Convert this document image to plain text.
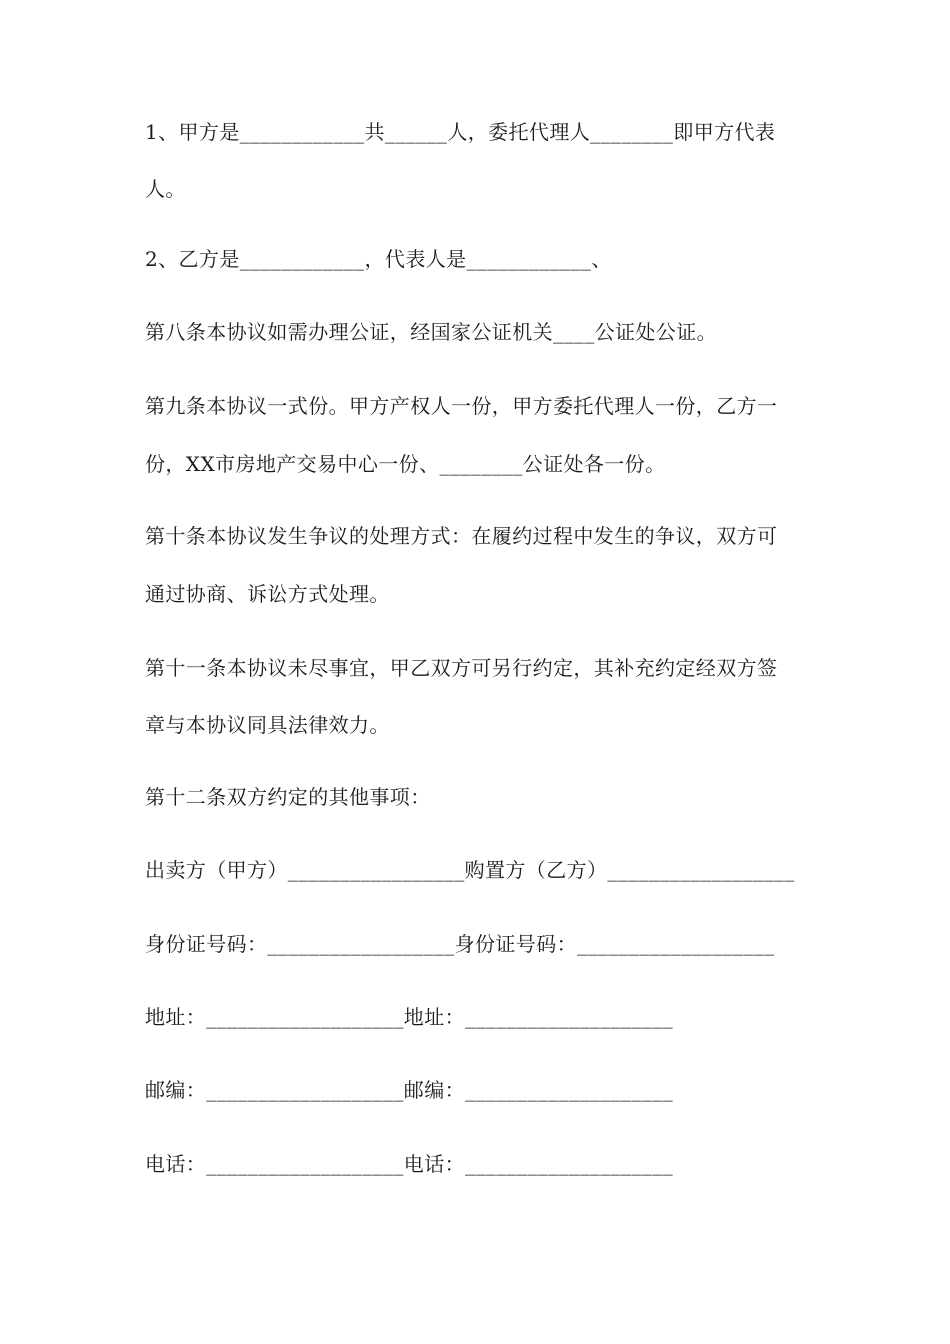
1、甲方是____________共______人，委托代理人________即甲方代表
人。
2、乙方是____________，代表人是____________、
第八条本协议如需办理公证，经国家公证机关____公证处公证。
第九条本协议一式份。甲方产权人一份，甲方委托代理人一份，乙方一
份，XX市房地产交易中心一份、________公证处各一份。
第十条本协议发生争议的处理方式：在履约过程中发生的争议，双方可
通过协商、诉讼方式处理。
第十一条本协议未尽事宜，甲乙双方可另行约定，其补充约定经双方签
章与本协议同具法律效力。
第十二条双方约定的其他事项：
出卖方（甲方）_________________购置方（乙方）__________________
身份证号码：__________________身份证号码：___________________
地址：___________________地址：____________________
邮编：___________________邮编：____________________
电话：___________________电话：____________________
